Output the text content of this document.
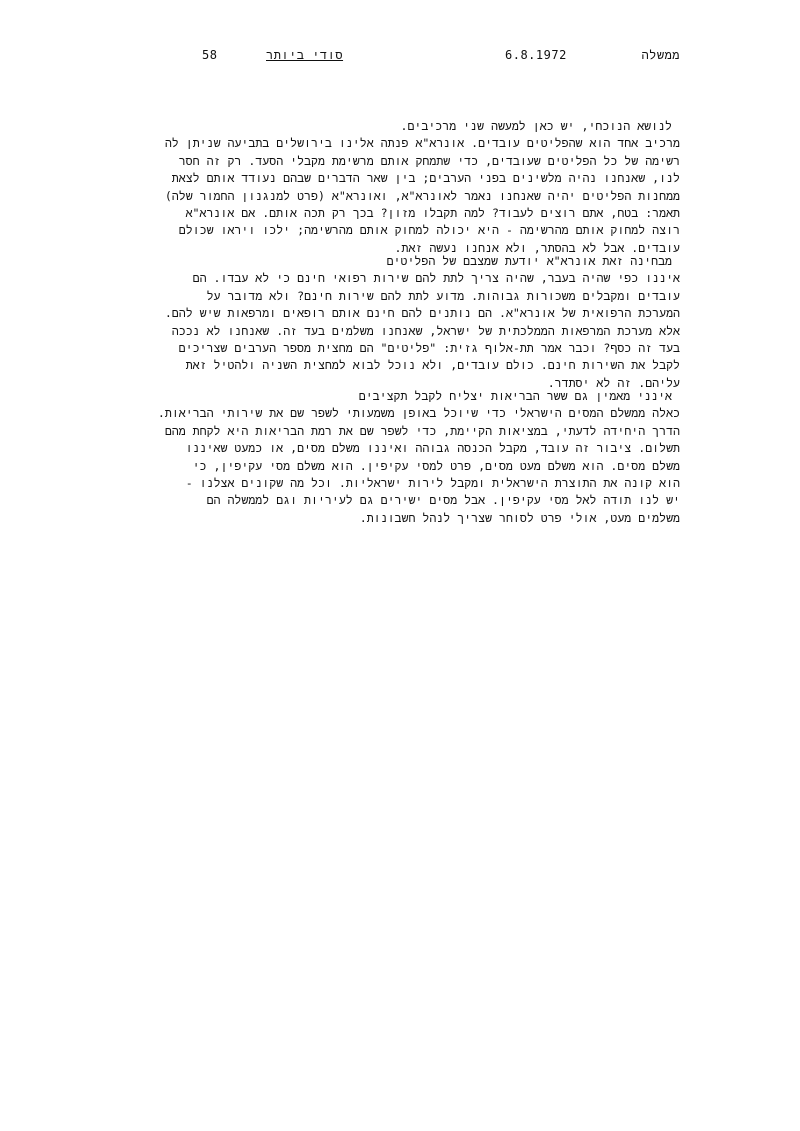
58	סודי ביותר	6.8.1972	ממשלה
לנושא הנוכחי, יש כאן למעשה שני מרכיבים.
מרכיב אחד הוא שהפליטים עובדים. אונרא"א פנתה אלינו בירושלים בתביעה שניתן לה
רשימה של כל הפליטים שעובדים, כדי שתמחק אותם מרשימת מקבלי הסעד. רק זה חסר
לנו, שאנחנו נהיה מלשינים בפני הערבים; בין שאר הדברים שבהם נעודד אותם לצאת
ממחנות הפליטים יהיה שאנחנו נאמר לאונרא"א, ואונרא"א (פרט למנגנון החמור שלה)
תאמר: בטח, אתם רוצים לעבוד? למה תקבלו מזון? בכך רק תכה אותם. אם אונרא"א
רוצה למחוק אותם מהרשימה - היא יכולה למחוק אותם מהרשימה; ילכו ויראו שכולם
עובדים. אבל לא בהסתר, ולא אנחנו נעשה זאת.
מבחינה זאת אונרא"א יודעת שמצבם של הפליטים
איננו כפי שהיה בעבר, שהיה צריך לתת להם שירות רפואי חינם כי לא עבדו. הם
עובדים ומקבלים משכורות גבוהות. מדוע לתת להם שירות חינם? ולא מדובר על
המערכת הרפואית של אונרא"א. הם נותנים להם חינם אותם רופאים ומרפאות שיש להם.
אלא מערכת המרפאות הממלכתית של ישראל, שאנחנו משלמים בעד זה. שאנחנו לא נככה
בעד זה כסף? וכבר אמר תת-אלוף גזית: "פליטים" הם מחצית מספר הערבים שצריכים
לקבל את השירות חינם. כולם עובדים, ולא נוכל לבוא למחצית השניה ולהטיל זאת
עליהם. זה לא יסתדר.
אינני מאמין גם ששר הבריאות יצליח לקבל תקציבים
כאלה ממשלם המסים הישראלי כדי שיוכל באופן משמעותי לשפר שם את שירותי הבריאות.
הדרך היחידה לדעתי, במציאות הקיימת, כדי לשפר שם את רמת הבריאות היא לקחת מהם
תשלום. ציבור זה עובד, מקבל הכנסה גבוהה ואיננו משלם מסים, או כמעט שאיננו
משלם מסים. הוא משלם מעט מסים, פרט למסי עקיפין. הוא משלם מסי עקיפין, כי
הוא קונה את התוצרת הישראלית ומקבל לירות ישראליות. וכל מה שקונים אצלנו -
יש לנו תודה לאל מסי עקיפין. אבל מסים ישירים גם לעיריות וגם לממשלה הם
משלמים מעט, אולי פרט לסוחר שצריך לנהל חשבונות.
